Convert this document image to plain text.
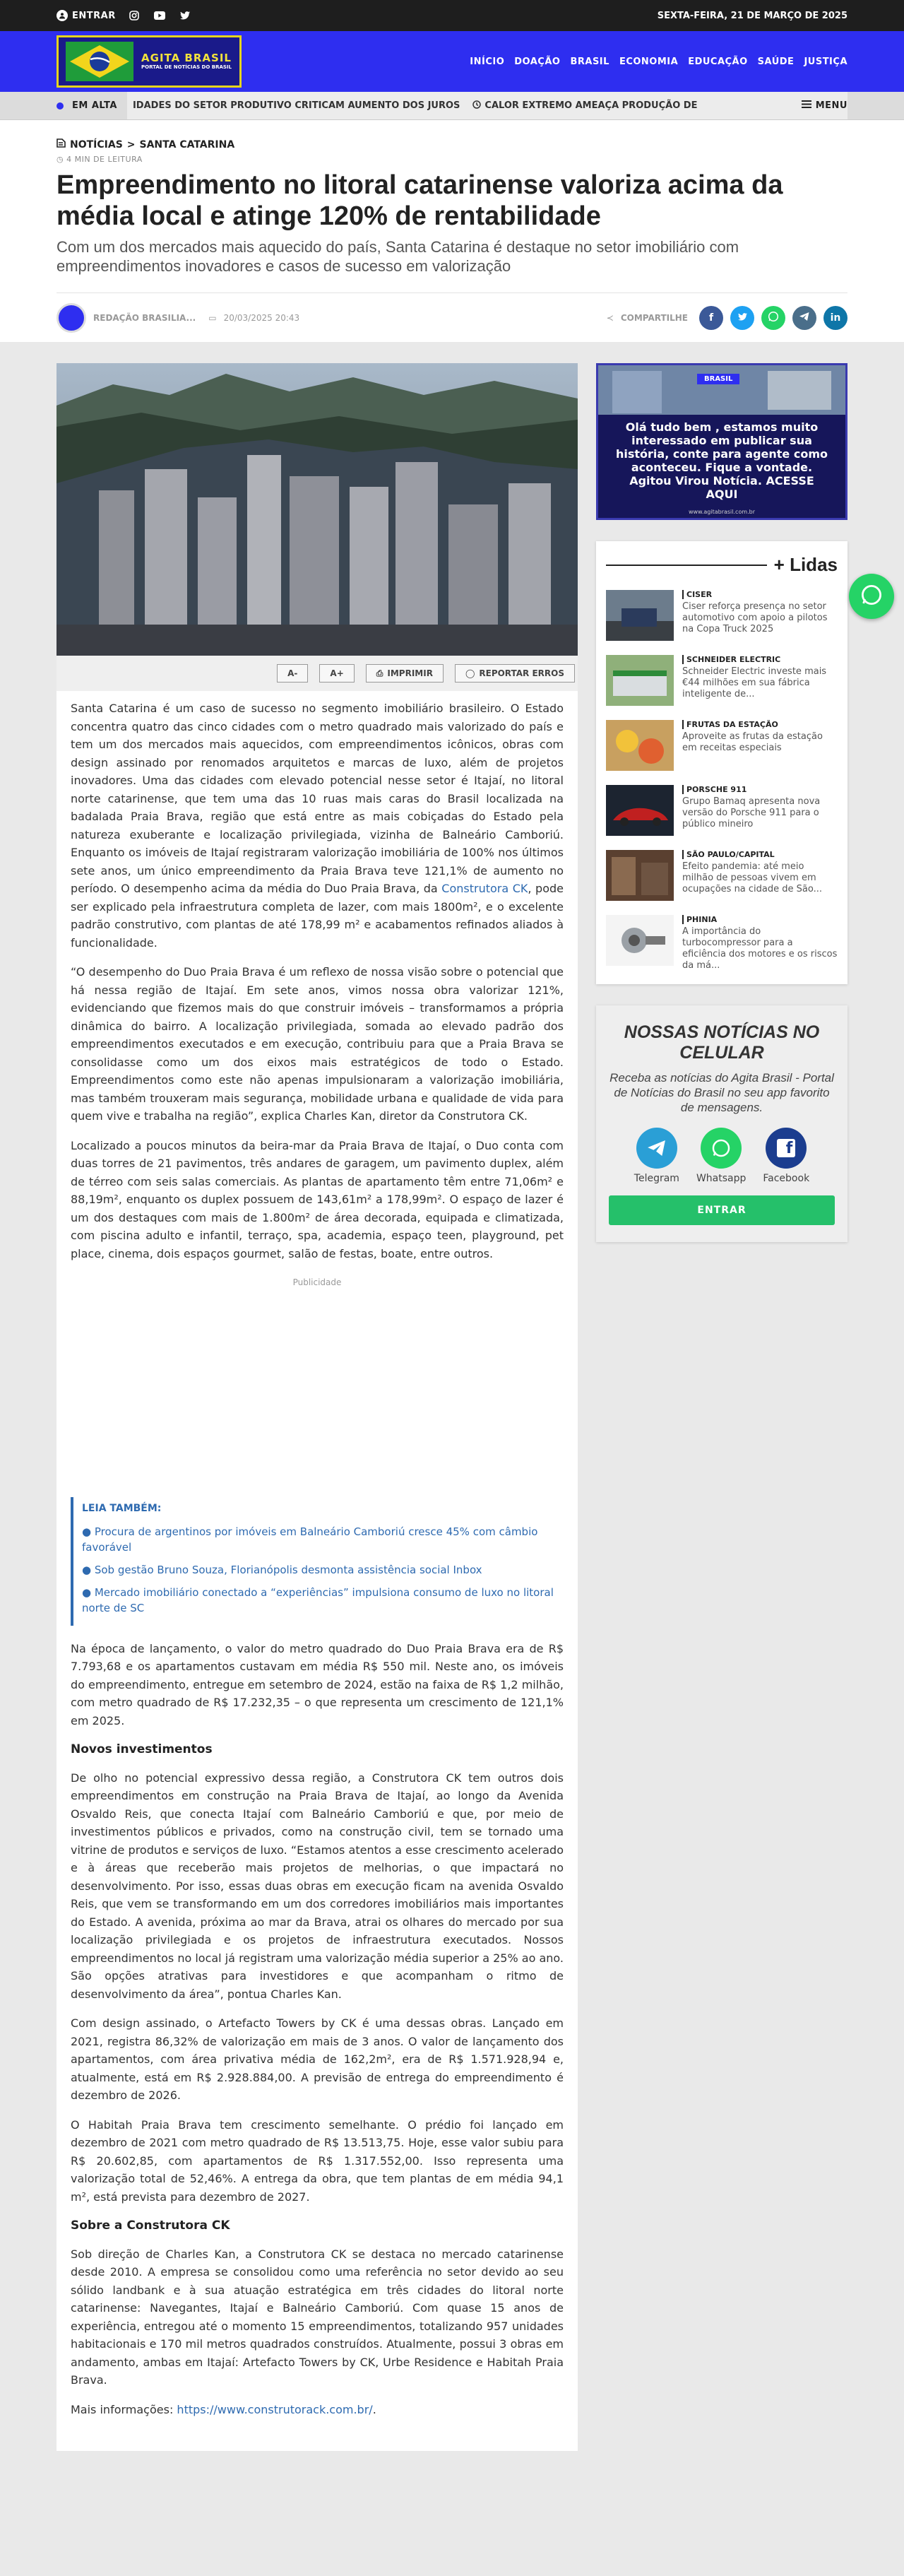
ENTRAR	SEXTA-FEIRA, 21 DE MARÇO DE 2025
AGITA BRASIL
PORTAL DE NOTÍCIAS DO BRASIL
INÍCIO DOAÇÃO BRASIL ECONOMIA EDUCAÇÃO SAÚDE JUSTIÇA
EM ALTA IDADES DO SETOR PRODUTIVO CRITICAM AUMENTO DOS JUROS	CALOR EXTREMO AMEAÇA PRODUÇÃO DE	MENU
NOTÍCIAS > SANTA CATARINA
◷ 4 MIN DE LEITURA
Empreendimento no litoral catarinense valoriza acima da média local e atinge 120% de rentabilidade
Com um dos mercados mais aquecido do país, Santa Catarina é destaque no setor imobiliário com empreendimentos inovadores e casos de sucesso em valorização
REDAÇÃO BRASILIA... ▭ 20/03/2025 20:43	≺ COMPARTILHE f	in
A-	A+	⎙ IMPRIMIR	◯ REPORTAR ERROS

Santa Catarina é um caso de sucesso no segmento imobiliário brasileiro. O Estado concentra quatro das cinco cidades com o metro quadrado mais valorizado do país e tem um dos mercados mais aquecidos, com empreendimentos icônicos, obras com design assinado por renomados arquitetos e marcas de luxo, além de projetos inovadores. Uma das cidades com elevado potencial nesse setor é Itajaí, no litoral norte catarinense, que tem uma das 10 ruas mais caras do Brasil localizada na badalada Praia Brava, região que está entre as mais cobiçadas do Estado pela natureza exuberante e localização privilegiada, vizinha de Balneário Camboriú. Enquanto os imóveis de Itajaí registraram valorização imobiliária de 100% nos últimos sete anos, um único empreendimento da Praia Brava teve 121,1% de aumento no período. O desempenho acima da média do Duo Praia Brava, da Construtora CK, pode ser explicado pela infraestrutura completa de lazer, com mais 1800m², e o excelente padrão construtivo, com plantas de até 178,99 m² e acabamentos refinados aliados à funcionalidade.

“O desempenho do Duo Praia Brava é um reflexo de nossa visão sobre o potencial que há nessa região de Itajaí. Em sete anos, vimos nossa obra valorizar 121%, evidenciando que fizemos mais do que construir imóveis – transformamos a própria dinâmica do bairro. A localização privilegiada, somada ao elevado padrão dos empreendimentos executados e em execução, contribuiu para que a Praia Brava se consolidasse como um dos eixos mais estratégicos de todo o Estado. Empreendimentos como este não apenas impulsionaram a valorização imobiliária, mas também trouxeram mais segurança, mobilidade urbana e qualidade de vida para quem vive e trabalha na região”, explica Charles Kan, diretor da Construtora CK.

Localizado a poucos minutos da beira-mar da Praia Brava de Itajaí, o Duo conta com duas torres de 21 pavimentos, três andares de garagem, um pavimento duplex, além de térreo com seis salas comerciais. As plantas de apartamento têm entre 71,06m² e 88,19m², enquanto os duplex possuem de 143,61m² a 178,99m². O espaço de lazer é um dos destaques com mais de 1.800m² de área decorada, equipada e climatizada, com piscina adulto e infantil, terraço, spa, academia, espaço teen, playground, pet place, cinema, dois espaços gourmet, salão de festas, boate, entre outros.

Publicidade
LEIA TAMBÉM:
● Procura de argentinos por imóveis em Balneário Camboriú cresce 45% com câmbio favorável
● Sob gestão Bruno Souza, Florianópolis desmonta assistência social Inbox
● Mercado imobiliário conectado a “experiências” impulsiona consumo de luxo no litoral norte de SC

Na época de lançamento, o valor do metro quadrado do Duo Praia Brava era de R$ 7.793,68 e os apartamentos custavam em média R$ 550 mil. Neste ano, os imóveis do empreendimento, entregue em setembro de 2024, estão na faixa de R$ 1,2 milhão, com metro quadrado de R$ 17.232,35 – o que representa um crescimento de 121,1% em 2025.

Novos investimentos

De olho no potencial expressivo dessa região, a Construtora CK tem outros dois empreendimentos em construção na Praia Brava de Itajaí, ao longo da Avenida Osvaldo Reis, que conecta Itajaí com Balneário Camboriú e que, por meio de investimentos públicos e privados, como na construção civil, tem se tornado uma vitrine de produtos e serviços de luxo. “Estamos atentos a esse crescimento acelerado e à áreas que receberão mais projetos de melhorias, o que impactará no desenvolvimento. Por isso, essas duas obras em execução ficam na avenida Osvaldo Reis, que vem se transformando em um dos corredores imobiliários mais importantes do Estado. A avenida, próxima ao mar da Brava, atrai os olhares do mercado por sua localização privilegiada e os projetos de infraestrutura executados. Nossos empreendimentos no local já registram uma valorização média superior a 25% ao ano. São opções atrativas para investidores e que acompanham o ritmo de desenvolvimento da área”, pontua Charles Kan.

Com design assinado, o Artefacto Towers by CK é uma dessas obras. Lançado em 2021, registra 86,32% de valorização em mais de 3 anos. O valor de lançamento dos apartamentos, com área privativa média de 162,2m², era de R$ 1.571.928,94 e, atualmente, está em R$ 2.928.884,00. A previsão de entrega do empreendimento é dezembro de 2026.

O Habitah Praia Brava tem crescimento semelhante. O prédio foi lançado em dezembro de 2021 com metro quadrado de R$ 13.513,75. Hoje, esse valor subiu para R$ 20.602,85, com apartamentos de R$ 1.317.552,00. Isso representa uma valorização total de 52,46%. A entrega da obra, que tem plantas de em média 94,1 m², está prevista para dezembro de 2027.

Sobre a Construtora CK

Sob direção de Charles Kan, a Construtora CK se destaca no mercado catarinense desde 2010. A empresa se consolidou como uma referência no setor devido ao seu sólido landbank e à sua atuação estratégica em três cidades do litoral norte catarinense: Navegantes, Itajaí e Balneário Camboriú. Com quase 15 anos de experiência, entregou até o momento 15 empreendimentos, totalizando 957 unidades habitacionais e 170 mil metros quadrados construídos. Atualmente, possui 3 obras em andamento, ambas em Itajaí: Artefacto Towers by CK, Urbe Residence e Habitah Praia Brava.

Mais informações: https://www.construtorack.com.br/.

BRASIL
Olá tudo bem , estamos muito interessado em publicar sua história, conte para agente como aconteceu. Fique a vontade. Agitou Virou Notícia. ACESSE AQUI
www.agitabrasil.com.br
+ Lidas
CISER
Ciser reforça presença no setor automotivo com apoio a pilotos na Copa Truck 2025
SCHNEIDER ELECTRIC
Schneider Electric investe mais €44 milhões em sua fábrica inteligente de...
FRUTAS DA ESTAÇÃO
Aproveite as frutas da estação em receitas especiais
PORSCHE 911
Grupo Bamaq apresenta nova versão do Porsche 911 para o público mineiro
SÃO PAULO/CAPITAL
Efeito pandemia: até meio milhão de pessoas vivem em ocupações na cidade de São...
PHINIA
A importância do turbocompressor para a eficiência dos motores e os riscos da má...
NOSSAS NOTÍCIAS NO CELULAR
Receba as notícias do Agita Brasil - Portal de Notícias do Brasil no seu app favorito de mensagens.
Telegram Whatsapp
f
Facebook
ENTRAR
